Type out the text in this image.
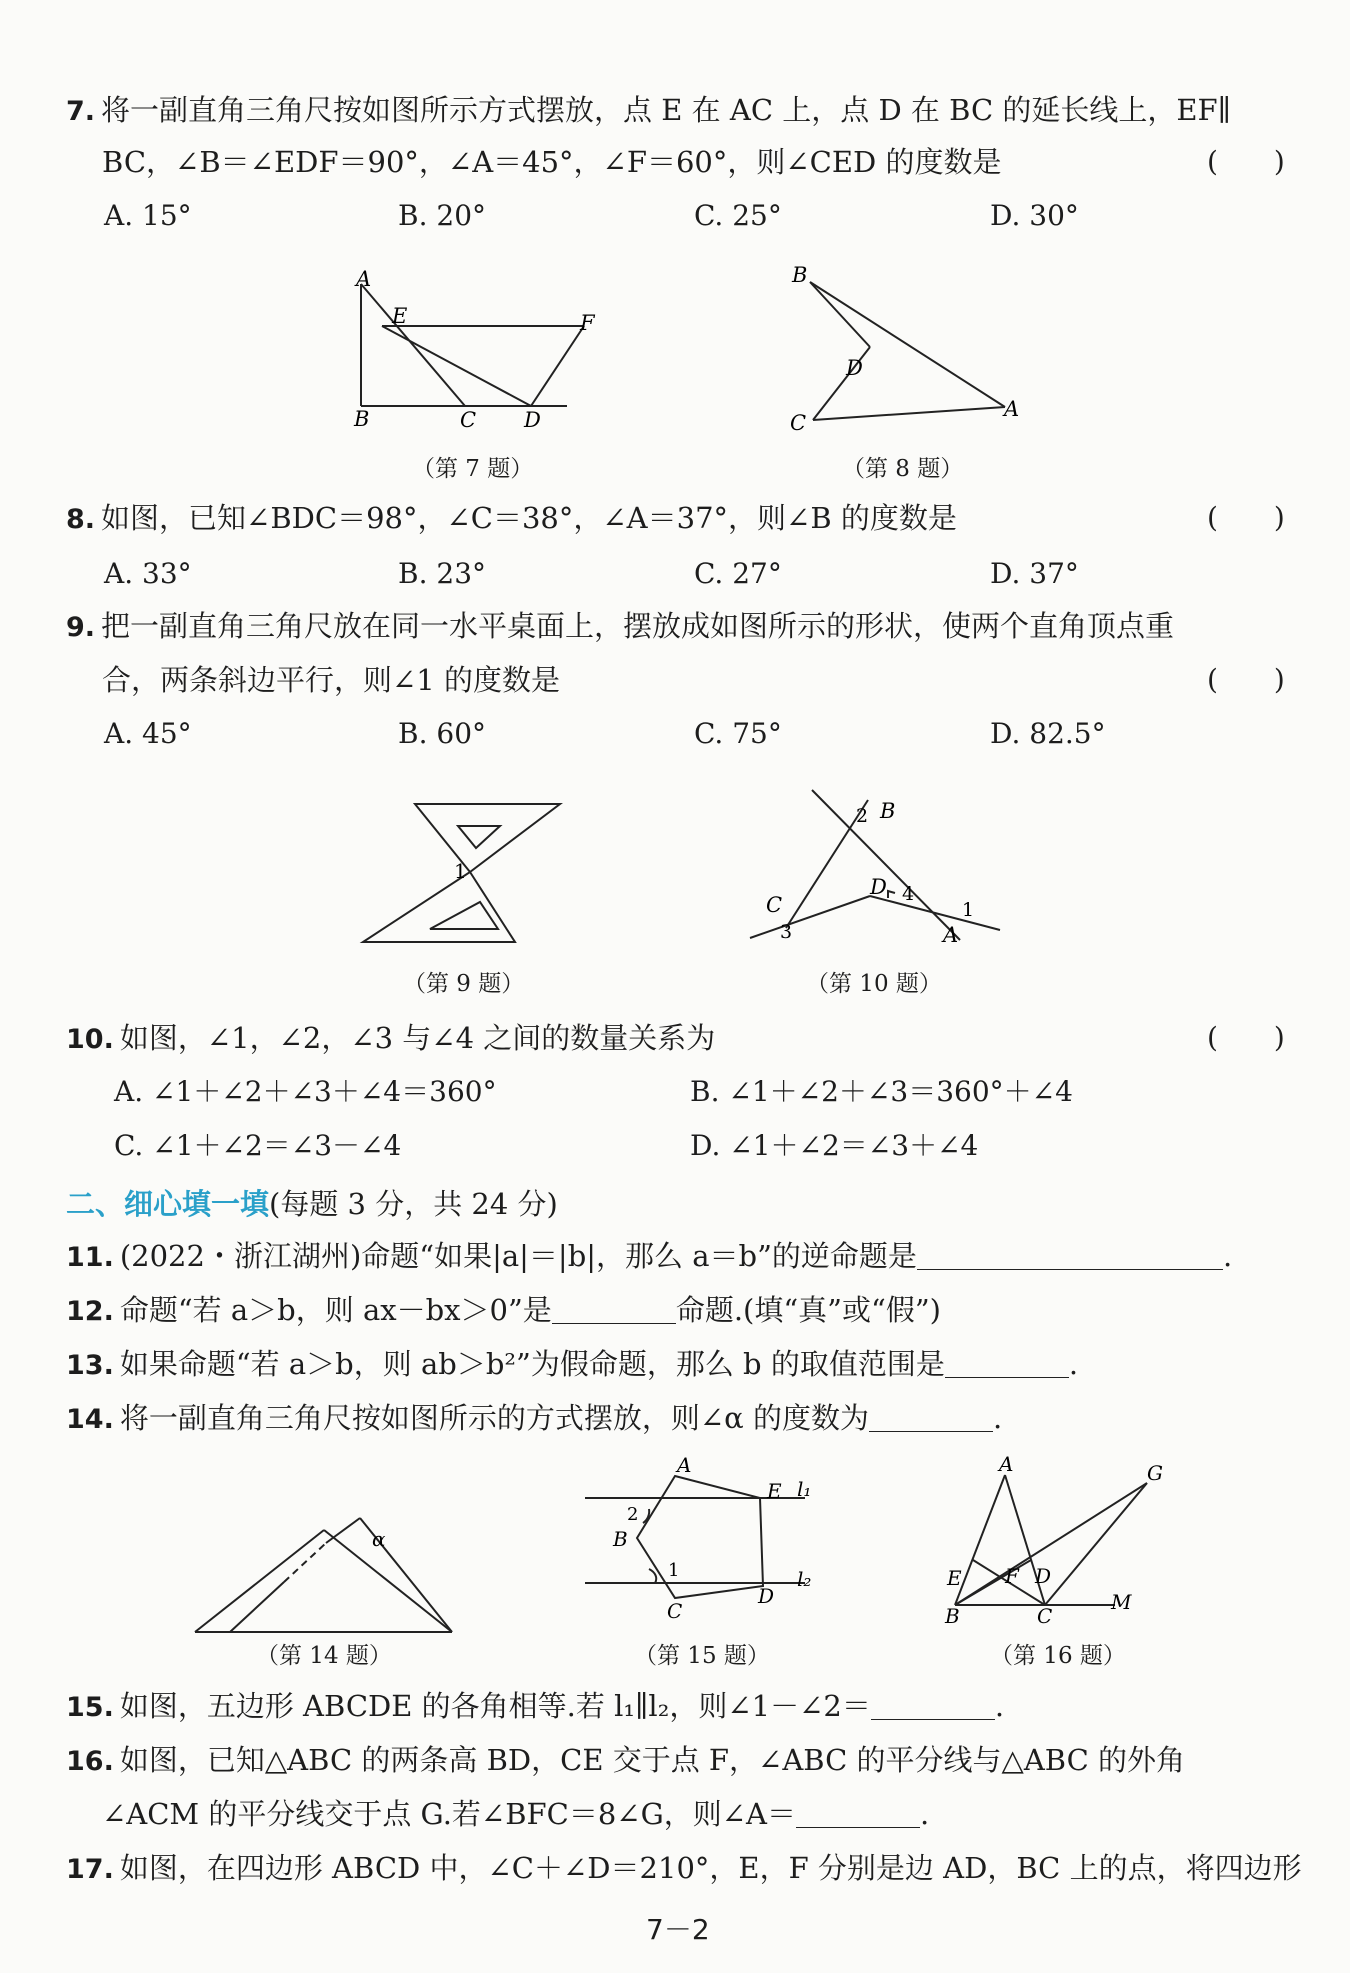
7. 将一副直角三角尺按如图所示方式摆放，点 E 在 AC 上，点 D 在 BC 的延长线上，EF∥
BC，∠B＝∠EDF＝90°，∠A＝45°，∠F＝60°，则∠CED 的度数是	(　　)
A. 15°	B. 20°	C. 25°	D. 30°
A
E	F
B	C D
（第 7 题）
B
D
C
A
（第 8 题）
8. 如图，已知∠BDC＝98°，∠C＝38°，∠A＝37°，则∠B 的度数是	(　　)
A. 33°	B. 23°	C. 27°	D. 37°
9. 把一副直角三角尺放在同一水平桌面上，摆放成如图所示的形状，使两个直角顶点重
合，两条斜边平行，则∠1 的度数是	(　　)
A. 45°	B. 60°	C. 75°	D. 82.5°
1
（第 9 题）
B
2
D 4
C
3
1
A
（第 10 题）
10. 如图，∠1，∠2，∠3 与∠4 之间的数量关系为	(　　)
A. ∠1＋∠2＋∠3＋∠4＝360°	B. ∠1＋∠2＋∠3＝360°＋∠4
C. ∠1＋∠2＝∠3－∠4	D. ∠1＋∠2＝∠3＋∠4
二、细心填一填(每题 3 分，共 24 分)
11. (2022・浙江湖州)命题“如果|a|＝|b|，那么 a＝b”的逆命题是	.
12. 命题“若 a＞b，则 ax－bx＞0”是	命题.(填“真”或“假”)
13. 如果命题“若 a＞b，则 ab＞b²”为假命题，那么 b 的取值范围是	.
14. 将一副直角三角尺按如图所示的方式摆放，则∠α 的度数为	.
α
（第 14 题）
A
E l₁
2
B
1
D
l₂
C
（第 15 题）
A	G
E F D
M
B	C
（第 16 题）
15. 如图，五边形 ABCDE 的各角相等.若 l₁∥l₂，则∠1－∠2＝	.
16. 如图，已知△ABC 的两条高 BD，CE 交于点 F，∠ABC 的平分线与△ABC 的外角
∠ACM 的平分线交于点 G.若∠BFC＝8∠G，则∠A＝	.
17. 如图，在四边形 ABCD 中，∠C＋∠D＝210°，E，F 分别是边 AD，BC 上的点，将四边形
7－2
